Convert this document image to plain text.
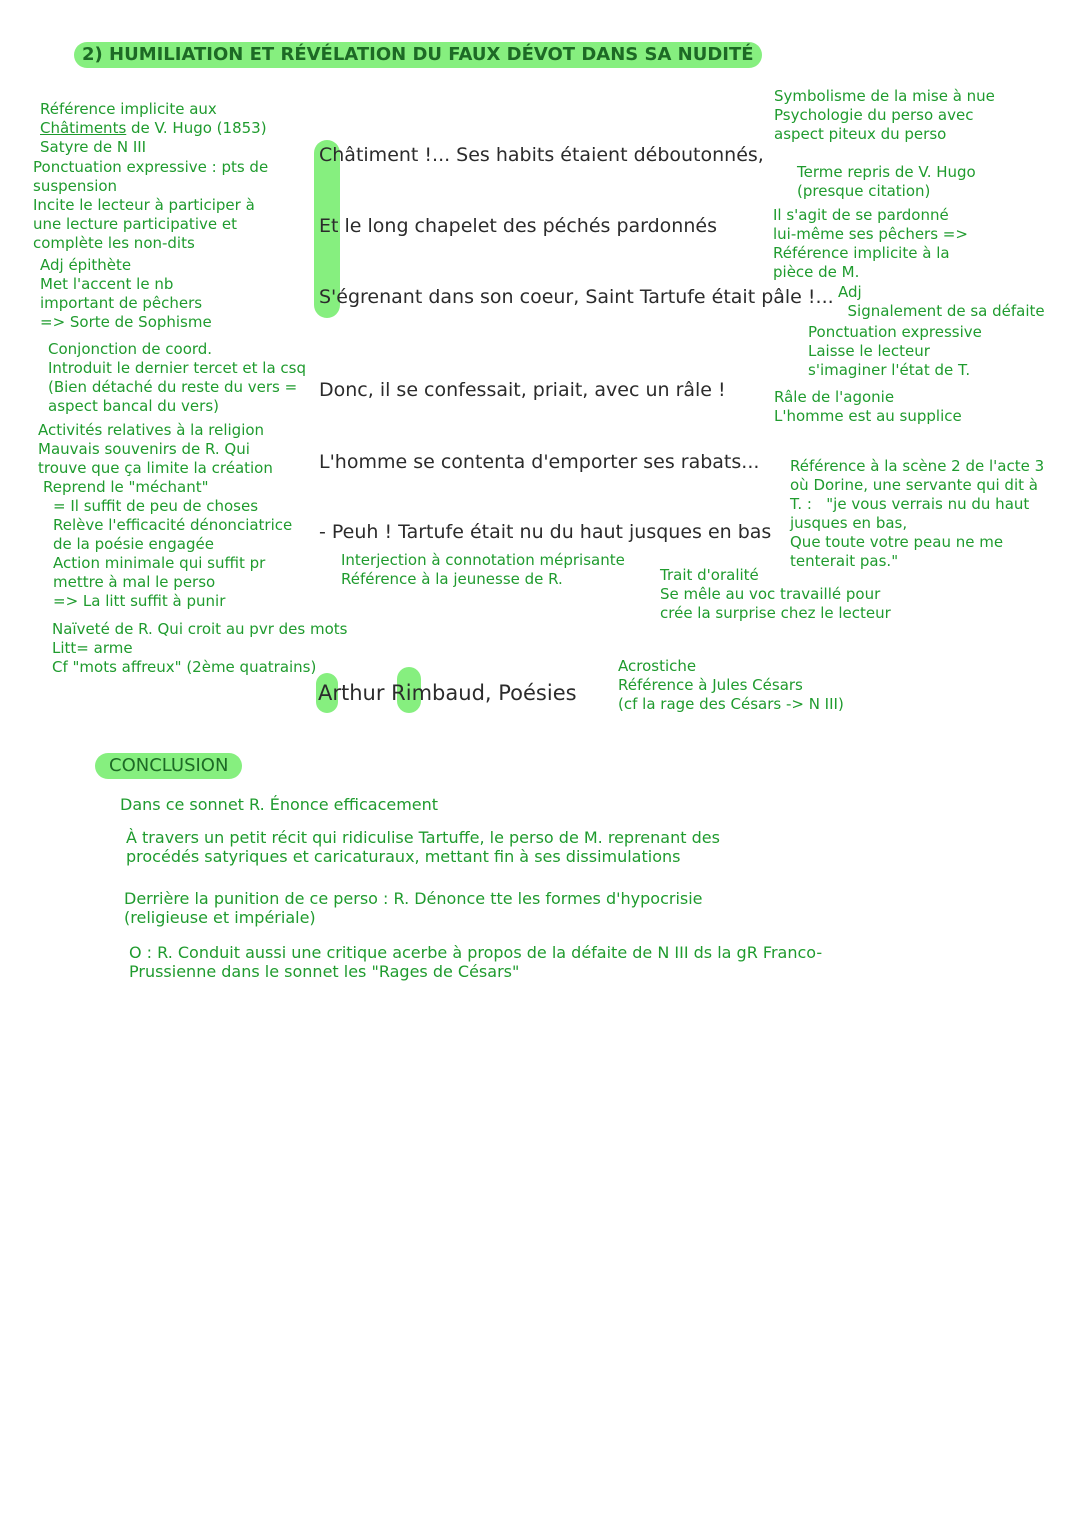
2) HUMILIATION ET RÉVÉLATION DU FAUX DÉVOT DANS SA NUDITÉ

Référence implicite aux
Châtiments de V. Hugo (1853)
Satyre de N III

Ponctuation expressive : pts de
suspension
Incite le lecteur à participer à
une lecture participative et
complète les non-dits

Adj épithète
Met l'accent le nb
important de pêchers
=> Sorte de Sophisme

Conjonction de coord.
Introduit le dernier tercet et la csq
(Bien détaché du reste du vers =
aspect bancal du vers)

Activités relatives à la religion
Mauvais souvenirs de R. Qui
trouve que ça limite la création

Reprend le "méchant"

= Il suffit de peu de choses
Relève l'efficacité dénonciatrice
de la poésie engagée
Action minimale qui suffit pr
mettre à mal le perso
=> La litt suffit à punir

Naïveté de R. Qui croit au pvr des mots
Litt= arme
Cf "mots affreux" (2ème quatrains)

Châtiment !... Ses habits étaient déboutonnés,

Et le long chapelet des péchés pardonnés

S'égrenant dans son coeur, Saint Tartufe était pâle !...

Donc, il se confessait, priait, avec un râle !

L'homme se contenta d'emporter ses rabats...

- Peuh ! Tartufe était nu du haut jusques en bas

Interjection à connotation méprisante
Référence à la jeunesse de R.	Trait d'oralité
Se mêle au voc travaillé pour
crée la surprise chez le lecteur

Acrostiche
Référence à Jules Césars
(cf la rage des Césars -> N III)

Symbolisme de la mise à nue
Psychologie du perso avec
aspect piteux du perso

Terme repris de V. Hugo
(presque citation)

Il s'agit de se pardonné
lui-même ses pêchers =>
Référence implicite à la
pièce de M.

Adj
Signalement de sa défaite

Ponctuation expressive
Laisse le lecteur
s'imaginer l'état de T.

Râle de l'agonie
L'homme est au supplice

Référence à la scène 2 de l'acte 3
où Dorine, une servante qui dit à
T. :   "je vous verrais nu du haut
jusques en bas,
Que toute votre peau ne me
tenterait pas."

Arthur Rimbaud, Poésies
CONCLUSION

Dans ce sonnet R. Énonce efficacement

À travers un petit récit qui ridiculise Tartuffe, le perso de M. reprenant des
procédés satyriques et caricaturaux, mettant fin à ses dissimulations

Derrière la punition de ce perso : R. Dénonce tte les formes d'hypocrisie
(religieuse et impériale)

O : R. Conduit aussi une critique acerbe à propos de la défaite de N III ds la gR Franco-
Prussienne dans le sonnet les "Rages de Césars"
